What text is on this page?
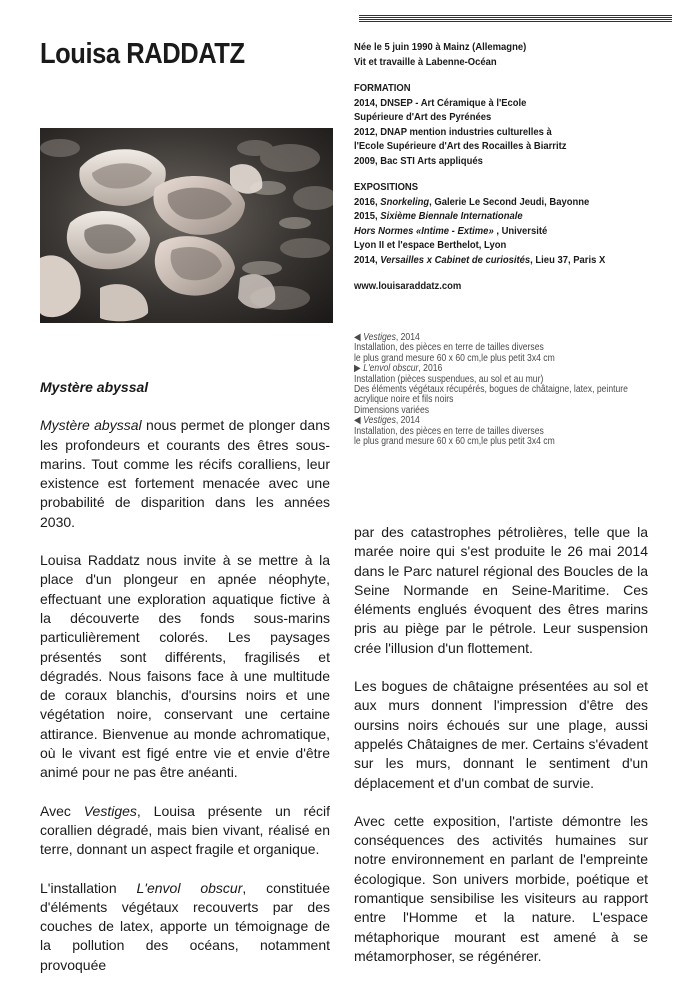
Louisa RADDATZ	Née le 5 juin 1990 à Mainz (Allemagne)
Vit et travaille à Labenne-Océan
FORMATION
2014, DNSEP - Art Céramique à l'Ecole
Supérieure d'Art des Pyrénées
2012, DNAP mention industries culturelles à
l'Ecole Supérieure d'Art des Rocailles à Biarritz
2009, Bac STI Arts appliqués
EXPOSITIONS
2016, Snorkeling, Galerie Le Second Jeudi, Bayonne
2015, Sixième Biennale Internationale
Hors Normes «Intime - Extime» , Université
Lyon II et l'espace Berthelot, Lyon
2014, Versailles x Cabinet de curiosités, Lieu 37, Paris X
www.louisaraddatz.com
◀ Vestiges, 2014
Installation, des pièces en terre de tailles diverses
le plus grand mesure 60 x 60 cm,le plus petit 3x4 cm
▶ L'envol obscur, 2016
Installation (pièces suspendues, au sol et au mur)
Des éléments végétaux récupérés, bogues de châtaigne, latex, peinture
acrylique noire et fils noirs
Dimensions variées
◀ Vestiges, 2014
Installation, des pièces en terre de tailles diverses
le plus grand mesure 60 x 60 cm,le plus petit 3x4 cm

Mystère abyssal

Mystère abyssal nous permet de plonger dans les profondeurs et courants des êtres sous-marins. Tout comme les récifs coralliens, leur existence est fortement menacée avec une probabilité de disparition dans les années 2030.

Louisa Raddatz nous invite à se mettre à la place d'un plongeur en apnée néophyte, effectuant une exploration aquatique fictive à la découverte des fonds sous-marins particulièrement colorés. Les paysages présentés sont différents, fragilisés et dégradés. Nous faisons face à une multitude de coraux blanchis, d'oursins noirs et une végétation noire, conservant une certaine attirance. Bienvenue au monde achromatique, où le vivant est figé entre vie et envie d'être animé pour ne pas être anéanti.

Avec Vestiges, Louisa présente un récif corallien dégradé, mais bien vivant, réalisé en terre, donnant un aspect fragile et organique.

L'installation L'envol obscur, constituée d'éléments végétaux recouverts par des couches de latex, apporte un témoignage de la pollution des océans, notamment provoquée

par des catastrophes pétrolières, telle que la marée noire qui s'est produite le 26 mai 2014 dans le Parc naturel régional des Boucles de la Seine Normande en Seine-Maritime. Ces éléments englués évoquent des êtres marins pris au piège par le pétrole. Leur suspension crée l'illusion d'un flottement.

Les bogues de châtaigne présentées au sol et aux murs donnent l'impression d'être des oursins noirs échoués sur une plage, aussi appelés Châtaignes de mer. Certains s'évadent sur les murs, donnant le sentiment d'un déplacement et d'un combat de survie.

Avec cette exposition, l'artiste démontre les conséquences des activités humaines sur notre environnement en parlant de l'empreinte écologique. Son univers morbide, poétique et romantique sensibilise les visiteurs au rapport entre l'Homme et la nature. L'espace métaphorique mourant est amené à se métamorphoser, se régénérer.
